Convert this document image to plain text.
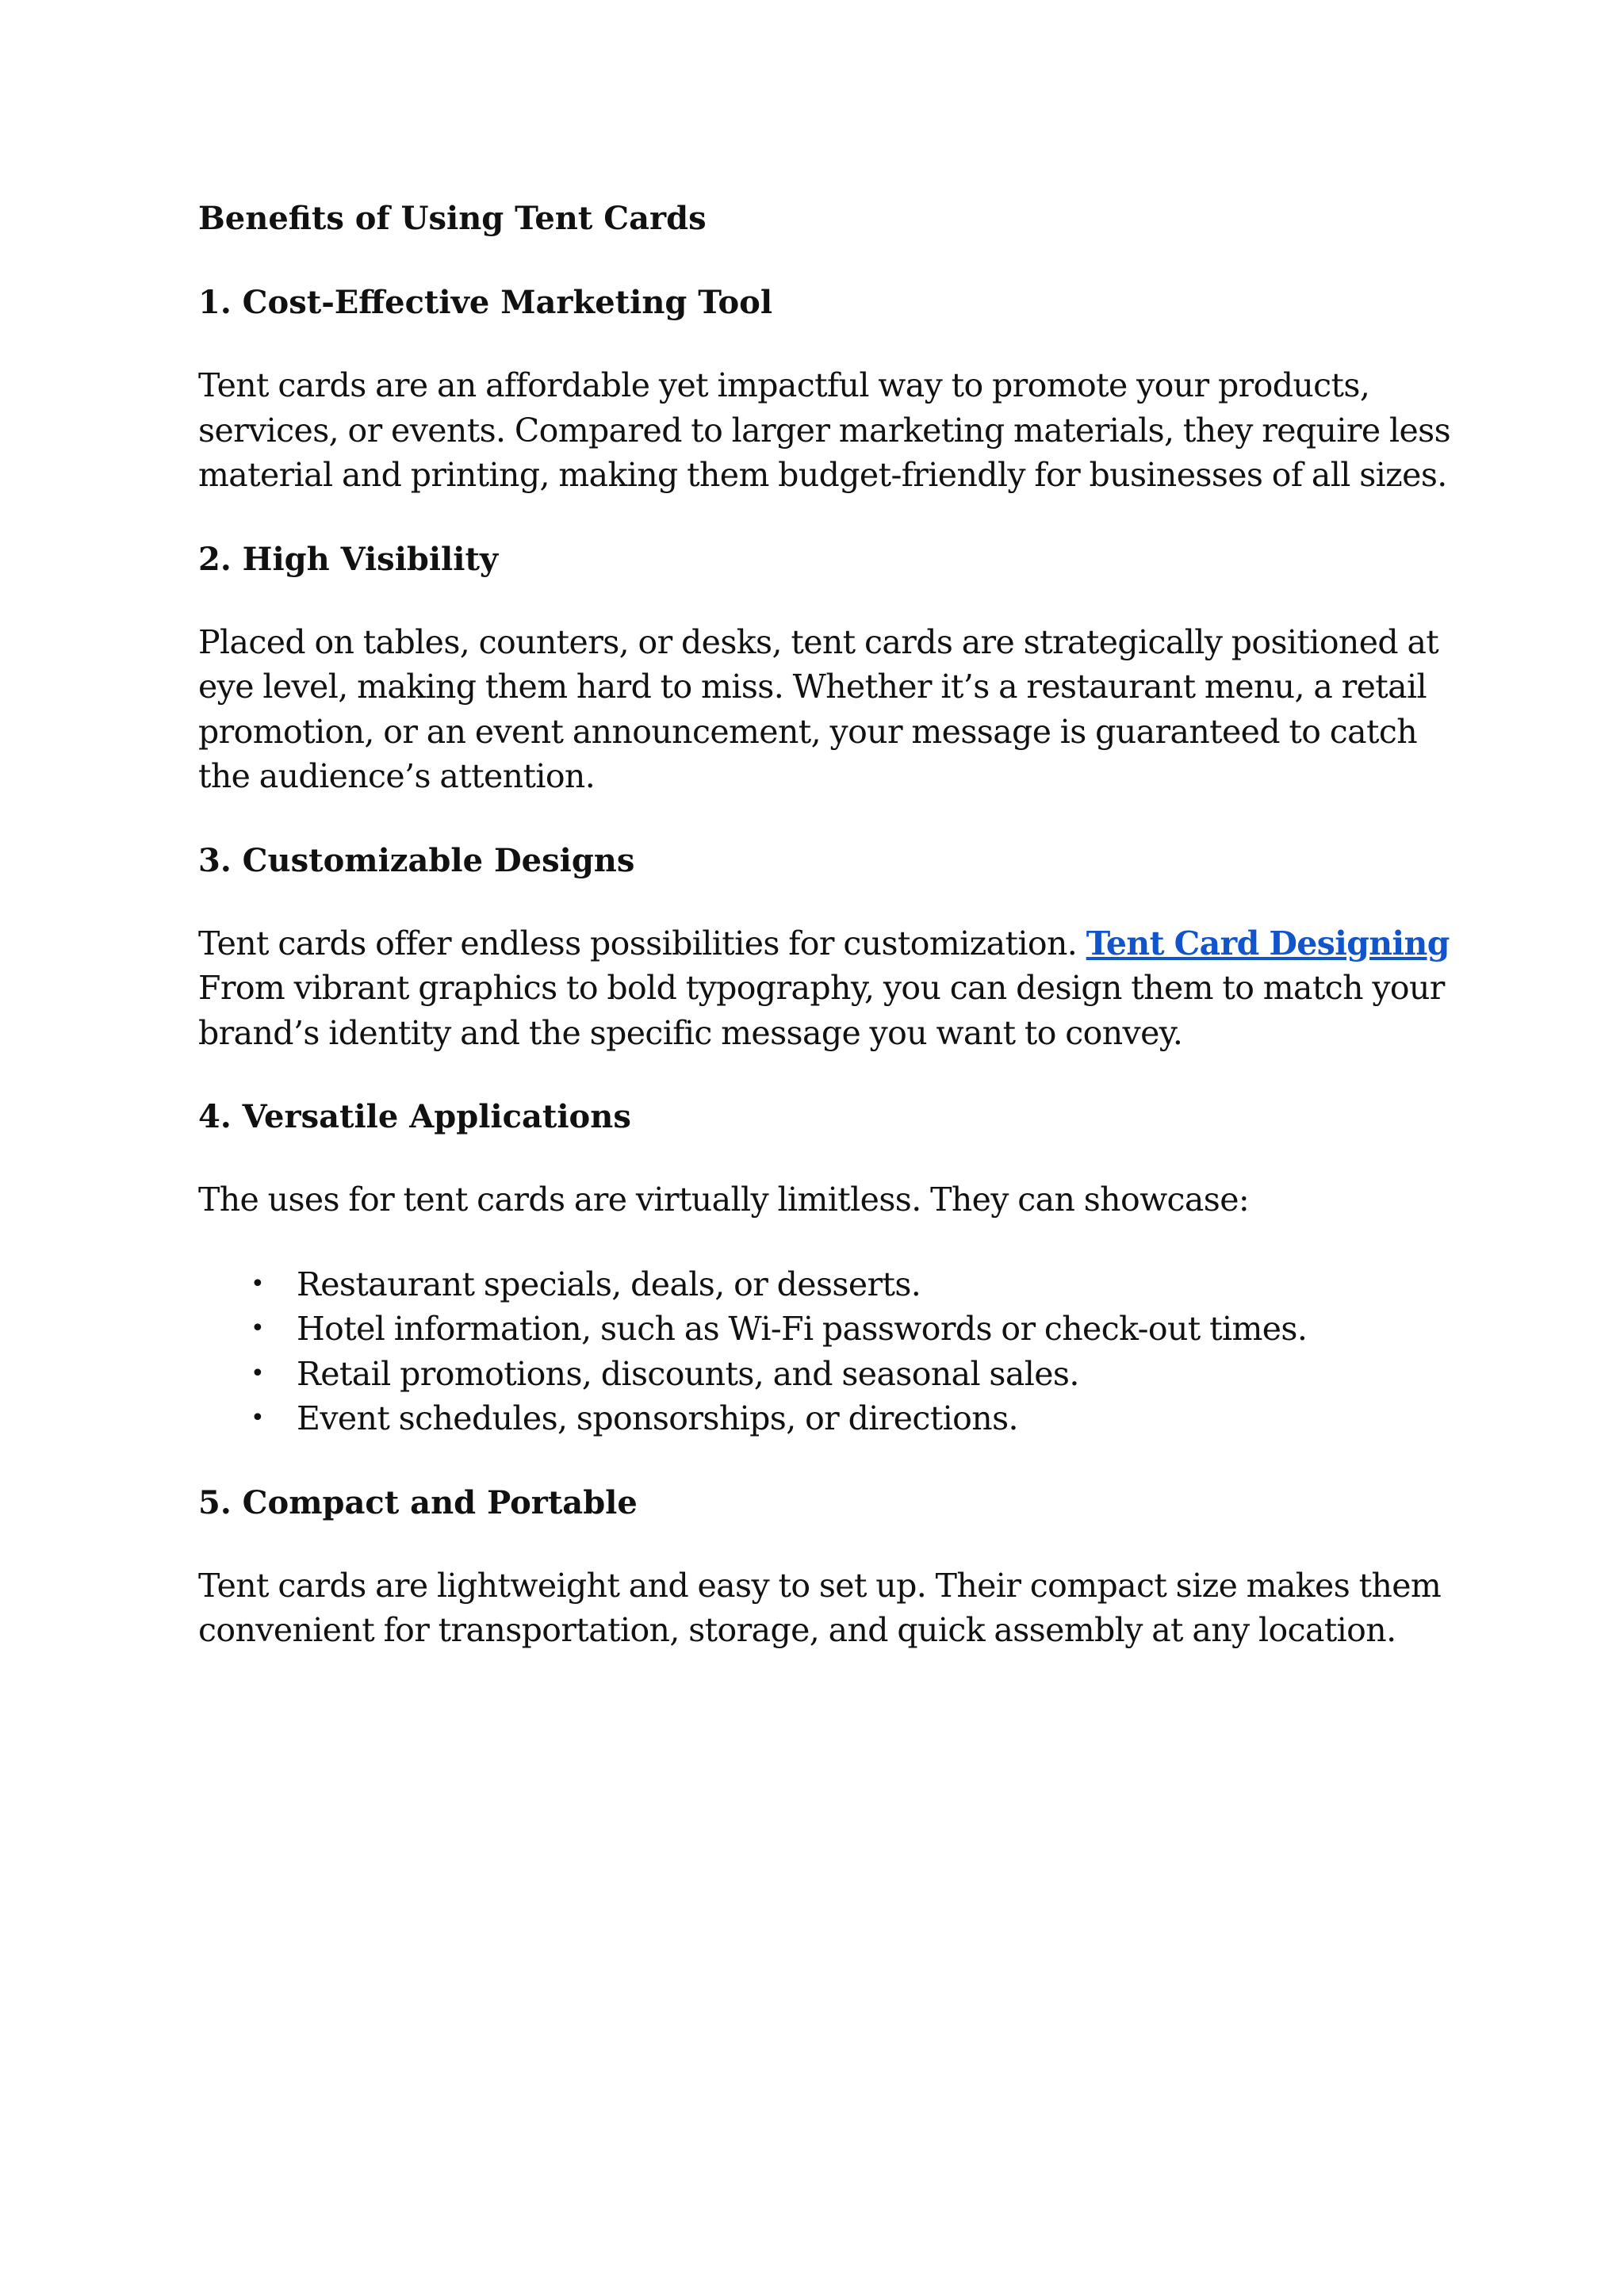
Benefits of Using Tent Cards
1. Cost-Effective Marketing Tool

Tent cards are an affordable yet impactful way to promote your products, services, or events. Compared to larger marketing materials, they require less material and printing, making them budget-friendly for businesses of all sizes.

2. High Visibility

Placed on tables, counters, or desks, tent cards are strategically positioned at eye level, making them hard to miss. Whether it’s a restaurant menu, a retail promotion, or an event announcement, your message is guaranteed to catch the audience’s attention.

3. Customizable Designs

Tent cards offer endless possibilities for customization. Tent Card Designing From vibrant graphics to bold typography, you can design them to match your brand’s identity and the specific message you want to convey.

4. Versatile Applications

The uses for tent cards are virtually limitless. They can showcase:

• Restaurant specials, deals, or desserts.
• Hotel information, such as Wi-Fi passwords or check-out times.
• Retail promotions, discounts, and seasonal sales.
• Event schedules, sponsorships, or directions.
5. Compact and Portable

Tent cards are lightweight and easy to set up. Their compact size makes them convenient for transportation, storage, and quick assembly at any location.
